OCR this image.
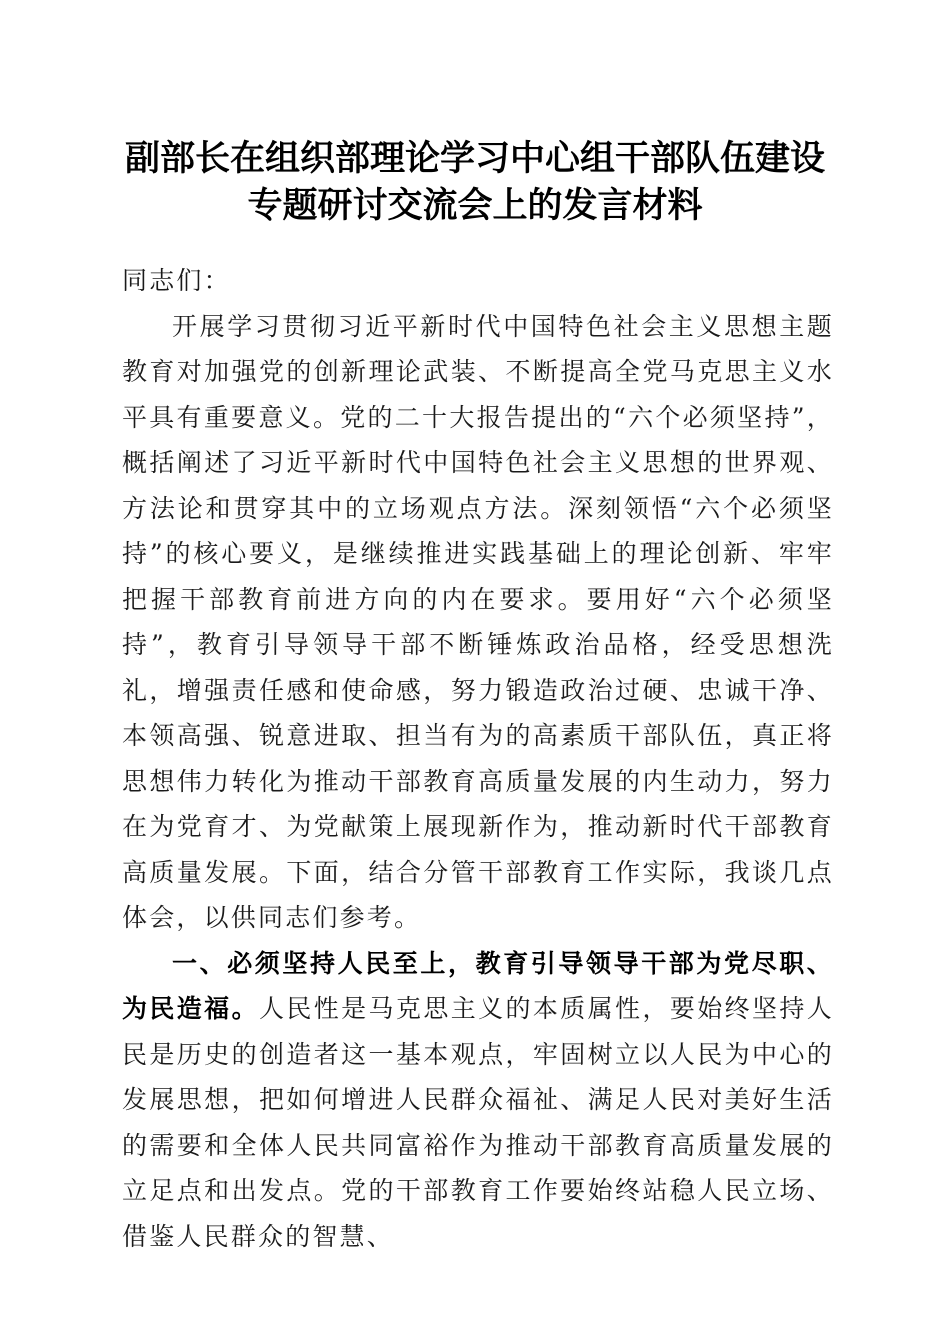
副部长在组织部理论学习中心组干部队伍建设
专题研讨交流会上的发言材料

同志们：

开展学习贯彻习近平新时代中国特色社会主义思想主题教育对加强党的创新理论武装、不断提高全党马克思主义水平具有重要意义。党的二十大报告提出的“六个必须坚持”，概括阐述了习近平新时代中国特色社会主义思想的世界观、方法论和贯穿其中的立场观点方法。深刻领悟“六个必须坚持”的核心要义，是继续推进实践基础上的理论创新、牢牢把握干部教育前进方向的内在要求。要用好“六个必须坚持”，教育引导领导干部不断锤炼政治品格，经受思想洗礼，增强责任感和使命感，努力锻造政治过硬、忠诚干净、本领高强、锐意进取、担当有为的高素质干部队伍，真正将思想伟力转化为推动干部教育高质量发展的内生动力，努力在为党育才、为党献策上展现新作为，推动新时代干部教育高质量发展。下面，结合分管干部教育工作实际，我谈几点体会，以供同志们参考。

一、必须坚持人民至上，教育引导领导干部为党尽职、为民造福。人民性是马克思主义的本质属性，要始终坚持人民是历史的创造者这一基本观点，牢固树立以人民为中心的发展思想，把如何增进人民群众福祉、满足人民对美好生活的需要和全体人民共同富裕作为推动干部教育高质量发展的立足点和出发点。党的干部教育工作要始终站稳人民立场、借鉴人民群众的智慧、
